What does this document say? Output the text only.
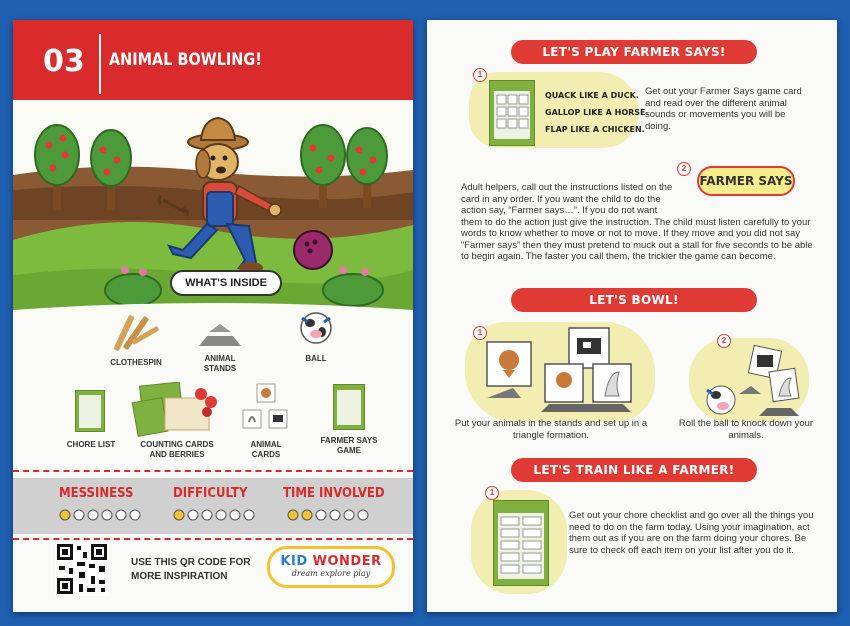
03 ANIMAL BOWLING!
WHAT'S INSIDE
CLOTHESPIN	ANIMAL STANDS
BALL
CHORE LIST	COUNTING CARDS AND BERRIES
ANIMAL CARDS
FARMER SAYS GAME
MESSINESS	DIFFICULTY	TIME INVOLVED
USE THIS QR CODE FOR MORE INSPIRATION
KID WONDER
dream explore play
LET'S PLAY FARMER SAYS!
1
QUACK LIKE A DUCK.
GALLOP LIKE A HORSE.
FLAP LIKE A CHICKEN.
Get out your Farmer Says game card and read over the different animal sounds or movements you will be doing.
2
FARMER SAYS
Adult helpers, call out the instructions listed on the card in any order. If you want the child to do the action say, “Farmer says…”. If you do not want them to do the action just give the instruction. The child must listen carefully to your words to know whether to move or not to move. If they move and you did not say “Farmer says” then they must pretend to muck out a stall for five seconds to be able to begin again. The faster you call them, the trickier the game can become.
LET'S BOWL!
1
2
Put your animals in the stands and set up in a triangle formation.
Roll the ball to knock down your animals.
LET'S TRAIN LIKE A FARMER!
1
Get out your chore checklist and go over all the things you need to do on the farm today. Using your imagination, act them out as if you are on the farm doing your chores. Be sure to check off each item on your list after you do it.
